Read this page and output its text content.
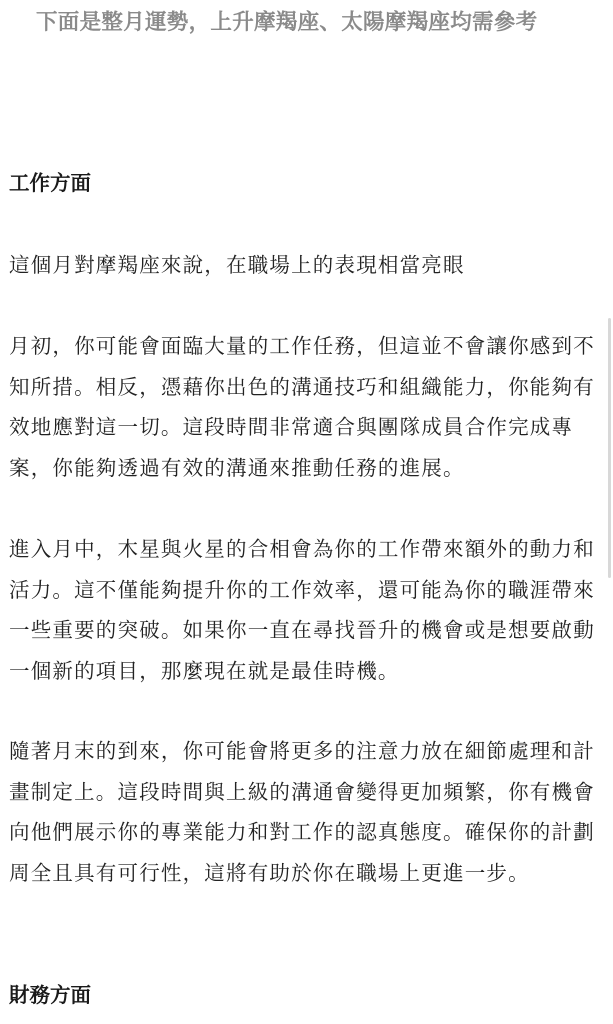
下面是整月運勢，上升摩羯座、太陽摩羯座均需參考
工作方面
這個月對摩羯座來說，在職場上的表現相當亮眼
月初，你可能會面臨大量的工作任務，但這並不會讓你感到不知所措。相反，憑藉你出色的溝通技巧和組織能力，你能夠有效地應對這一切。這段時間非常適合與團隊成員合作完成專案，你能夠透過有效的溝通來推動任務的進展。
進入月中，木星與火星的合相會為你的工作帶來額外的動力和活力。這不僅能夠提升你的工作效率，還可能為你的職涯帶來一些重要的突破。如果你一直在尋找晉升的機會或是想要啟動一個新的項目，那麼現在就是最佳時機。
隨著月末的到來，你可能會將更多的注意力放在細節處理和計畫制定上。這段時間與上級的溝通會變得更加頻繁，你有機會向他們展示你的專業能力和對工作的認真態度。確保你的計劃周全且具有可行性，這將有助於你在職場上更進一步。
財務方面
